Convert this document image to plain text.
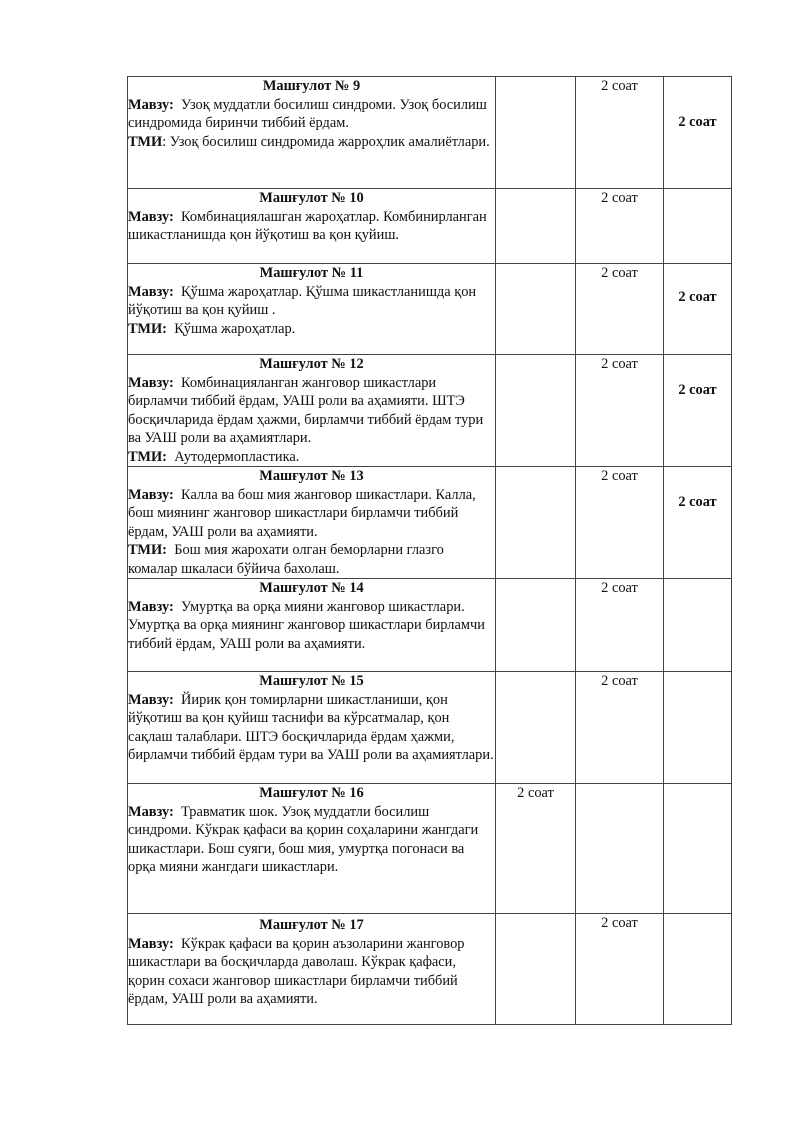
Машғулот № 9
Мавзу: Узоқ муддатли босилиш синдроми. Узоқ босилиш синдромида биринчи тиббий ёрдам.
ТМИ: Узоқ босилиш синдромида жарроҳлик амалиётлари.		2 соат	2 соат

Машғулот № 10
Мавзу: Комбинациялашган жароҳатлар. Комбинирланган шикастланишда қон йўқотиш ва қон қуйиш.		2 соат	

Машғулот № 11
Мавзу: Қўшма жароҳатлар. Қўшма шикастланишда қон йўқотиш ва қон қуйиш .
ТМИ: Қўшма жароҳатлар.		2 соат	2 соат

Машғулот № 12
Мавзу: Комбинацияланган жанговор шикастлари бирламчи тиббий ёрдам, УАШ роли ва аҳамияти. ШТЭ босқичларида ёрдам ҳажми, бирламчи тиббий ёрдам тури ва УАШ роли ва аҳамиятлари.
ТМИ: Аутодермопластика.		2 соат	2 соат

Машғулот № 13
Мавзу: Калла ва бош мия жанговор шикастлари. Калла, бош миянинг жанговор шикастлари бирламчи тиббий ёрдам, УАШ роли ва аҳамияти.
ТМИ: Бош мия жарохати олган беморларни глазго комалар шкаласи бўйича бахолаш.		2 соат	2 соат

Машғулот № 14
Мавзу: Умуртқа ва орқа мияни жанговор шикастлари. Умуртқа ва орқа миянинг жанговор шикастлари бирламчи тиббий ёрдам, УАШ роли ва аҳамияти.		2 соат	

Машғулот № 15
Мавзу: Йирик қон томирларни шикастланиши, қон йўқотиш ва қон қуйиш таснифи ва кўрсатмалар, қон сақлаш талаблари. ШТЭ босқичларида ёрдам ҳажми, бирламчи тиббий ёрдам тури ва УАШ роли ва аҳамиятлари.		2 соат	

Машғулот № 16
Мавзу: Травматик шок. Узоқ муддатли босилиш синдроми. Кўкрак қафаси ва қорин соҳаларини жангдаги шикастлари. Бош суяги, бош мия, умуртқа погонаси ва орқа мияни жангдаги шикастлари.	2 соат		

Машғулот № 17
Мавзу: Кўкрак қафаси ва қорин аъзоларини жанговор шикастлари ва босқичларда даволаш. Кўкрак қафаси, қорин сохаси жанговор шикастлари бирламчи тиббий ёрдам, УАШ роли ва аҳамияти.		2 соат	
